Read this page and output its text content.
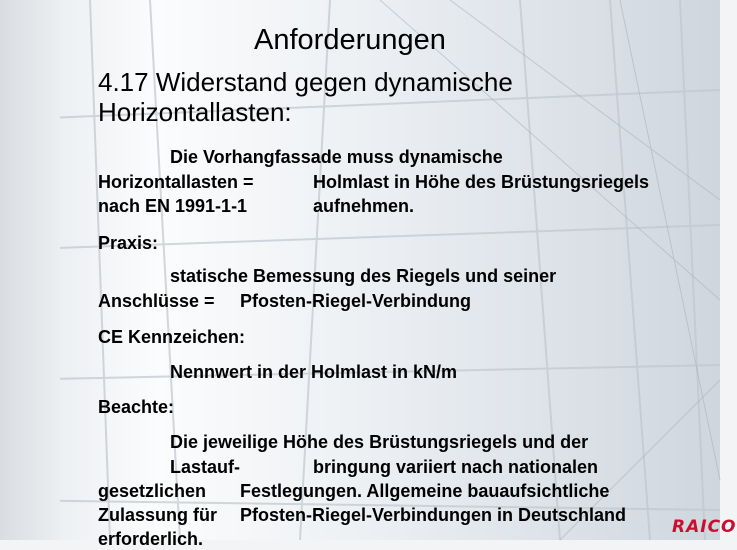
Anforderungen
4.17 Widerstand gegen dynamische
Horizontallasten:
Die Vorhangfassade muss dynamische
Horizontallasten =	Holmlast in Höhe des Brüstungsriegels
nach EN 1991-1-1	aufnehmen.
Praxis:
statische Bemessung des Riegels und seiner
Anschlüsse = Pfosten-Riegel-Verbindung
CE Kennzeichen:
Nennwert in der Holmlast in kN/m
Beachte:
Die jeweilige Höhe des Brüstungsriegels und der
Lastauf-	bringung variiert nach nationalen
gesetzlichen Festlegungen. Allgemeine bauaufsichtliche
Zulassung für Pfosten-Riegel-Verbindungen in Deutschland
erforderlich.
RAICO
